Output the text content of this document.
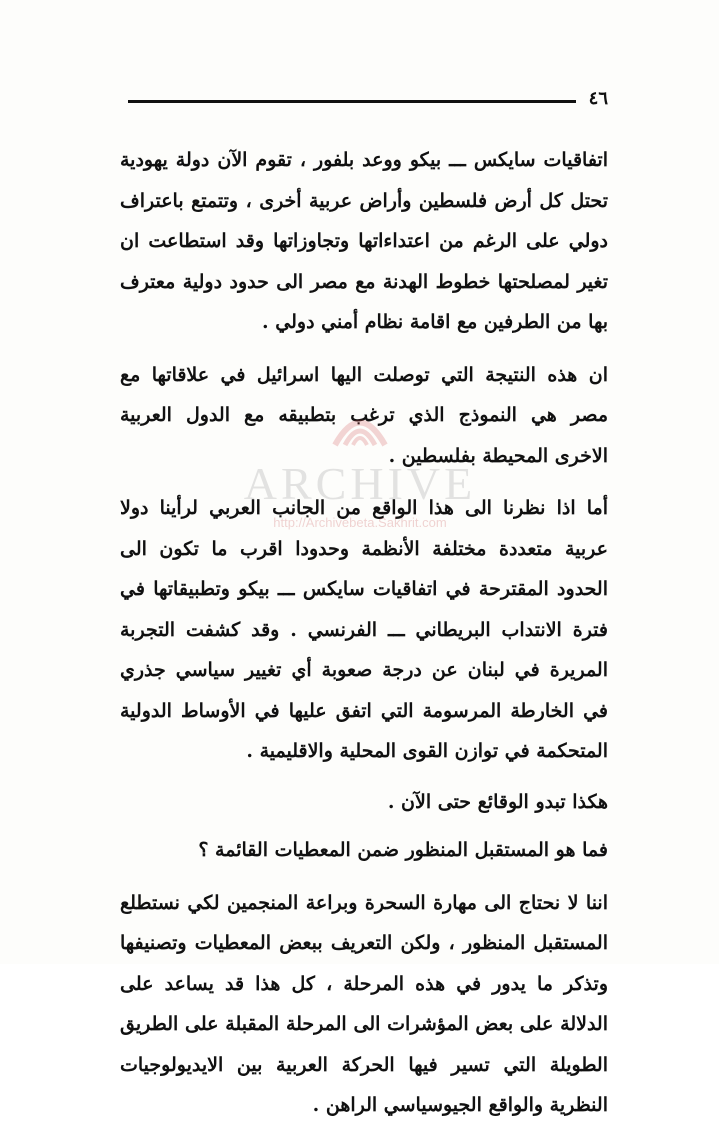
٤٦

اتفاقيات سايكس ـــ بيكو ووعد بلفور ، تقوم الآن دولة يهودية تحتل كل أرض فلسطين وأراض عربية أخرى ، وتتمتع باعتراف دولي على الرغم من اعتداءاتها وتجاوزاتها وقد استطاعت ان تغير لمصلحتها خطوط الهدنة مع مصر الى حدود دولية معترف بها من الطرفين مع اقامة نظام أمني دولي .

ان هذه النتيجة التي توصلت اليها اسرائيل في علاقاتها مع مصر هي النموذج الذي ترغب بتطبيقه مع الدول العربية الاخرى المحيطة بفلسطين .

أما اذا نظرنا الى هذا الواقع من الجانب العربي لرأينا دولا عربية متعددة مختلفة الأنظمة وحدودا اقرب ما تكون الى الحدود المقترحة في اتفاقيات سايكس ـــ بيكو وتطبيقاتها في فترة الانتداب البريطاني ـــ الفرنسي . وقد كشفت التجربة المريرة في لبنان عن درجة صعوبة أي تغيير سياسي جذري في الخارطة المرسومة التي اتفق عليها في الأوساط الدولية المتحكمة في توازن القوى المحلية والاقليمية .

هكذا تبدو الوقائع حتى الآن .

فما هو المستقبل المنظور ضمن المعطيات القائمة ؟

اننا لا نحتاج الى مهارة السحرة وبراعة المنجمين لكي نستطلع المستقبل المنظور ، ولكن التعريف ببعض المعطيات وتصنيفها وتذكر ما يدور في هذه المرحلة ، كل هذا قد يساعد على الدلالة على بعض المؤشرات الى المرحلة المقبلة على الطريق الطويلة التي تسير فيها الحركة العربية بين الايديولوجيات النظرية والواقع الجيوسياسي الراهن .

ARCHIVE
http://Archivebeta.Sakhrit.com
